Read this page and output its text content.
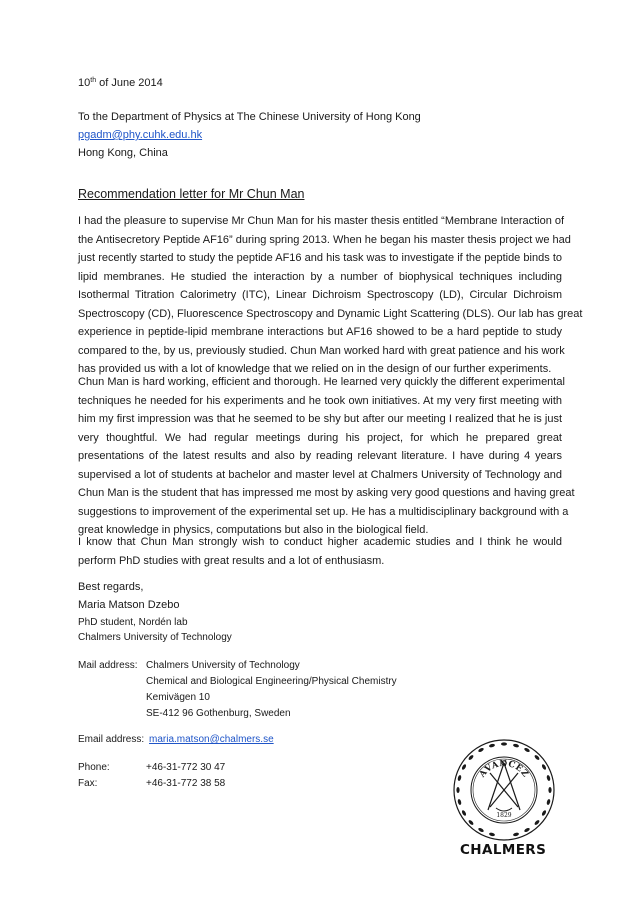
10th of June 2014
To the Department of Physics at The Chinese University of Hong Kong
pgadm@phy.cuhk.edu.hk
Hong Kong, China
Recommendation letter for Mr Chun Man
I had the pleasure to supervise Mr Chun Man for his master thesis entitled “Membrane Interaction of
the Antisecretory Peptide AF16” during spring 2013. When he began his master thesis project we had
just recently started to study the peptide AF16 and his task was to investigate if the peptide binds to
lipid membranes. He studied the interaction by a number of biophysical techniques including
Isothermal Titration Calorimetry (ITC), Linear Dichroism Spectroscopy (LD), Circular Dichroism
Spectroscopy (CD), Fluorescence Spectroscopy and Dynamic Light Scattering (DLS). Our lab has great
experience in peptide-lipid membrane interactions but AF16 showed to be a hard peptide to study
compared to the, by us, previously studied. Chun Man worked hard with great patience and his work
has provided us with a lot of knowledge that we relied on in the design of our further experiments.
Chun Man is hard working, efficient and thorough. He learned very quickly the different experimental
techniques he needed for his experiments and he took own initiatives. At my very first meeting with
him my first impression was that he seemed to be shy but after our meeting I realized that he is just
very thoughtful. We had regular meetings during his project, for which he prepared great
presentations of the latest results and also by reading relevant literature. I have during 4 years
supervised a lot of students at bachelor and master level at Chalmers University of Technology and
Chun Man is the student that has impressed me most by asking very good questions and having great
suggestions to improvement of the experimental set up. He has a multidisciplinary background with a
great knowledge in physics, computations but also in the biological field.
I know that Chun Man strongly wish to conduct higher academic studies and I think he would
perform PhD studies with great results and a lot of enthusiasm.
Best regards,
Maria Matson Dzebo
PhD student, Nordén lab
Chalmers University of Technology
Mail address: Chalmers University of Technology
Chemical and Biological Engineering/Physical Chemistry
Kemivägen 10
SE-412 96 Gothenburg, Sweden
Email address: maria.matson@chalmers.se
Phone:	+46-31-772 30 47
Fax:	+46-31-772 38 58
AVANCEZ
1829
CHALMERS
